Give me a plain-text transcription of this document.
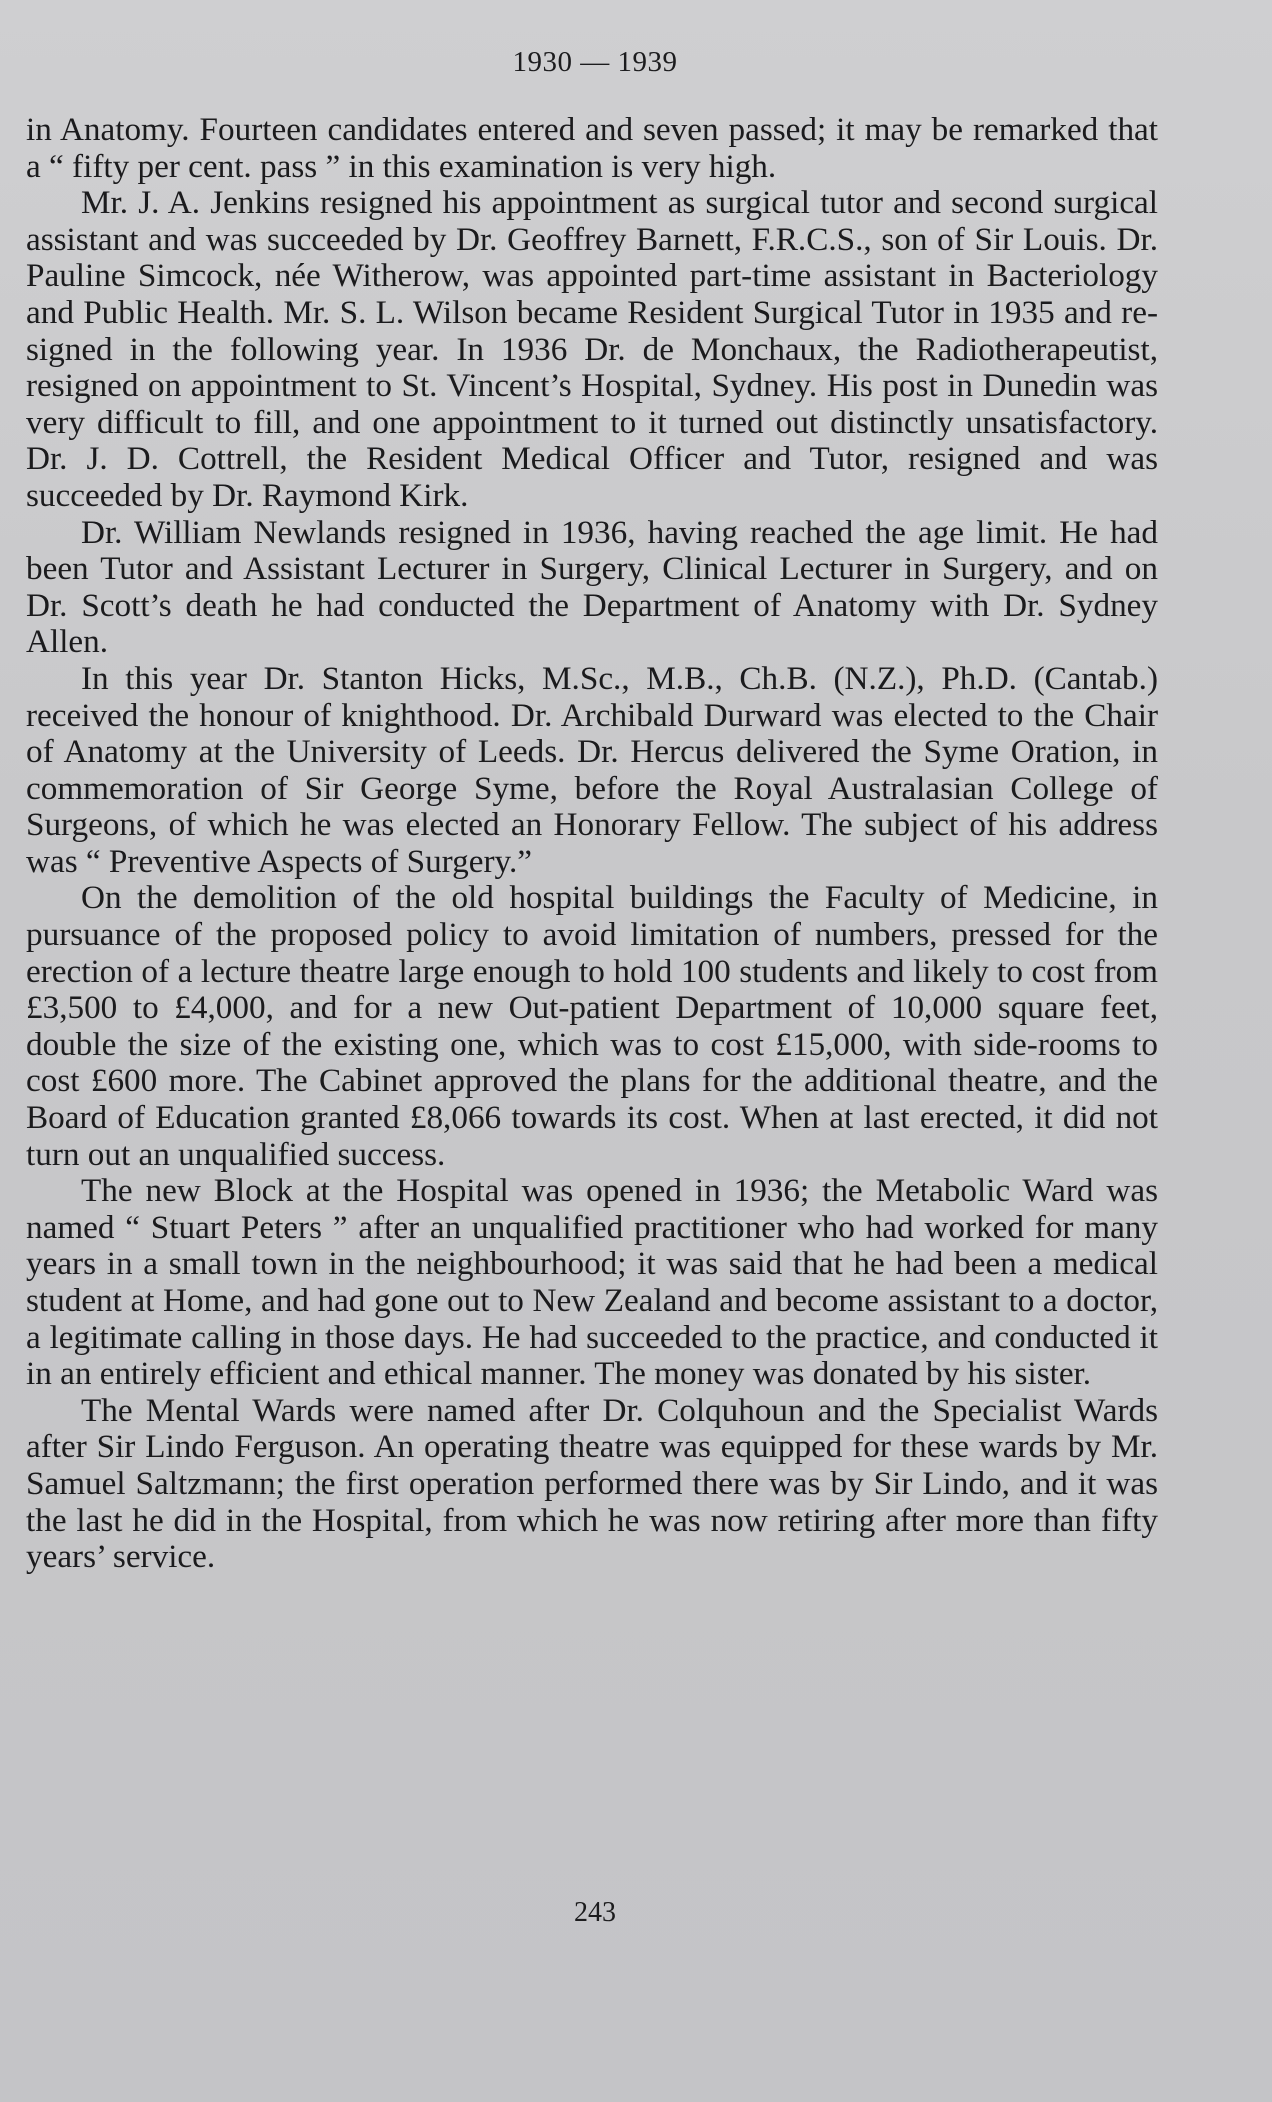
1930 — 1939

in Anatomy. Fourteen candidates entered and seven passed; it may be remarked that a “ fifty per cent. pass ” in this examination is very high.

Mr. J. A. Jenkins resigned his appointment as surgical tutor and second surgical assistant and was succeeded by Dr. Geoffrey Barnett, F.R.C.S., son of Sir Louis. Dr. Pauline Simcock, née Witherow, was appointed part-time assistant in Bacteriology and Public Health. Mr. S. L. Wilson became Resident Surgical Tutor in 1935 and resigned in the following year. In 1936 Dr. de Monchaux, the Radiotherapeutist, resigned on appointment to St. Vincent’s Hospital, Sydney. His post in Dunedin was very difficult to fill, and one appointment to it turned out distinctly unsatisfactory. Dr. J. D. Cottrell, the Resident Medical Officer and Tutor, resigned and was succeeded by Dr. Raymond Kirk.

Dr. William Newlands resigned in 1936, having reached the age limit. He had been Tutor and Assistant Lecturer in Surgery, Clinical Lecturer in Surgery, and on Dr. Scott’s death he had conducted the Department of Anatomy with Dr. Sydney Allen.

In this year Dr. Stanton Hicks, M.Sc., M.B., Ch.B. (N.Z.), Ph.D. (Cantab.) received the honour of knighthood. Dr. Archibald Durward was elected to the Chair of Anatomy at the University of Leeds. Dr. Hercus delivered the Syme Oration, in commemoration of Sir George Syme, before the Royal Australasian College of Surgeons, of which he was elected an Honorary Fellow. The subject of his address was “ Preventive Aspects of Surgery.”

On the demolition of the old hospital buildings the Faculty of Medicine, in pursuance of the proposed policy to avoid limitation of numbers, pressed for the erection of a lecture theatre large enough to hold 100 students and likely to cost from £3,500 to £4,000, and for a new Out-patient Department of 10,000 square feet, double the size of the existing one, which was to cost £15,000, with side-rooms to cost £600 more. The Cabinet approved the plans for the additional theatre, and the Board of Education granted £8,066 towards its cost. When at last erected, it did not turn out an unqualified success.

The new Block at the Hospital was opened in 1936; the Metabolic Ward was named “ Stuart Peters ” after an unqualified practitioner who had worked for many years in a small town in the neighbourhood; it was said that he had been a medical student at Home, and had gone out to New Zealand and become assistant to a doctor, a legitimate calling in those days. He had succeeded to the practice, and conducted it in an entirely efficient and ethical manner. The money was donated by his sister.

The Mental Wards were named after Dr. Colquhoun and the Specialist Wards after Sir Lindo Ferguson. An operating theatre was equipped for these wards by Mr. Samuel Saltzmann; the first operation performed there was by Sir Lindo, and it was the last he did in the Hospital, from which he was now retiring after more than fifty years’ service.

243
